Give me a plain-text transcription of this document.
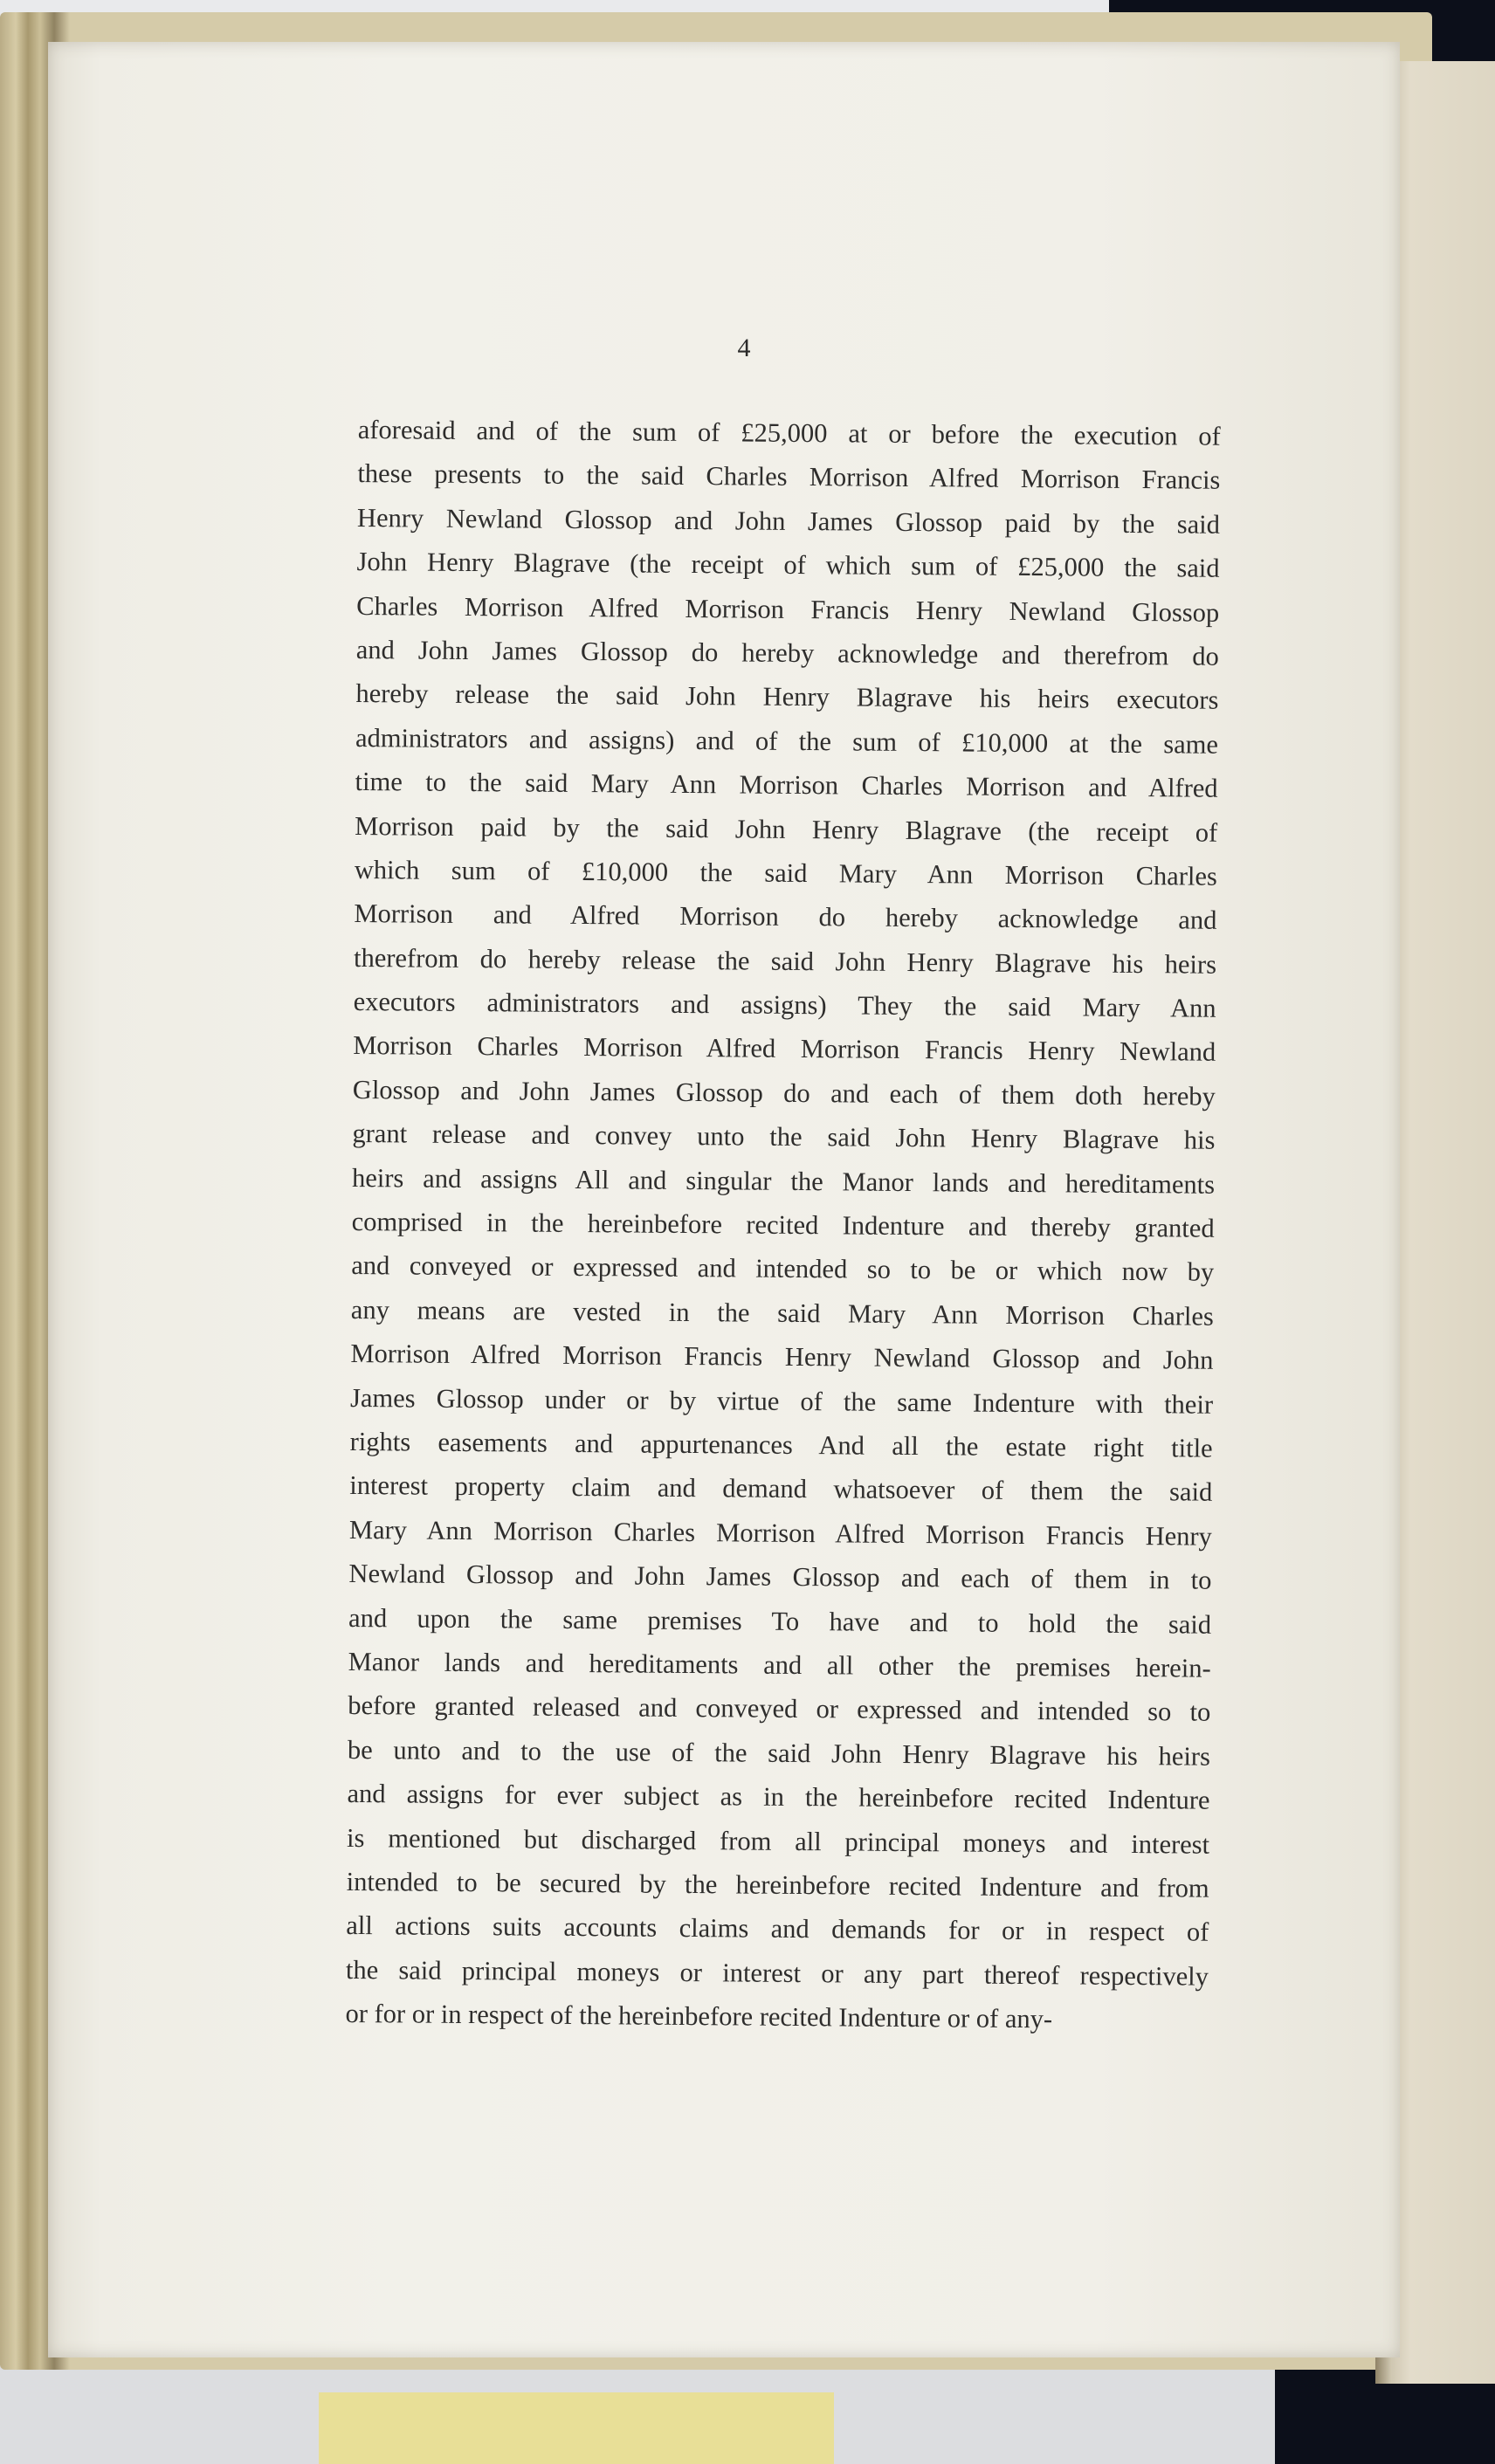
4
aforesaid and of the sum of £25,000 at or before the execution of
these presents to the said Charles Morrison Alfred Morrison Francis
Henry Newland Glossop and John James Glossop paid by the said
John Henry Blagrave (the receipt of which sum of £25,000 the said
Charles Morrison Alfred Morrison Francis Henry Newland Glossop
and John James Glossop do hereby acknowledge and therefrom do
hereby release the said John Henry Blagrave his heirs executors
administrators and assigns) and of the sum of £10,000 at the same
time to the said Mary Ann Morrison Charles Morrison and Alfred
Morrison paid by the said John Henry Blagrave (the receipt of
which sum of £10,000 the said Mary Ann Morrison Charles
Morrison and Alfred Morrison do hereby acknowledge and
therefrom do hereby release the said John Henry Blagrave his heirs
executors administrators and assigns) They the said Mary Ann
Morrison Charles Morrison Alfred Morrison Francis Henry Newland
Glossop and John James Glossop do and each of them doth hereby
grant release and convey unto the said John Henry Blagrave his
heirs and assigns All and singular the Manor lands and hereditaments
comprised in the hereinbefore recited Indenture and thereby granted
and conveyed or expressed and intended so to be or which now by
any means are vested in the said Mary Ann Morrison Charles
Morrison Alfred Morrison Francis Henry Newland Glossop and John
James Glossop under or by virtue of the same Indenture with their
rights easements and appurtenances And all the estate right title
interest property claim and demand whatsoever of them the said
Mary Ann Morrison Charles Morrison Alfred Morrison Francis Henry
Newland Glossop and John James Glossop and each of them in to
and upon the same premises To have and to hold the said
Manor lands and hereditaments and all other the premises herein-
before granted released and conveyed or expressed and intended so to
be unto and to the use of the said John Henry Blagrave his heirs
and assigns for ever subject as in the hereinbefore recited Indenture
is mentioned but discharged from all principal moneys and interest
intended to be secured by the hereinbefore recited Indenture and from
all actions suits accounts claims and demands for or in respect of
the said principal moneys or interest or any part thereof respectively
or for or in respect of the hereinbefore recited Indenture or of any-
